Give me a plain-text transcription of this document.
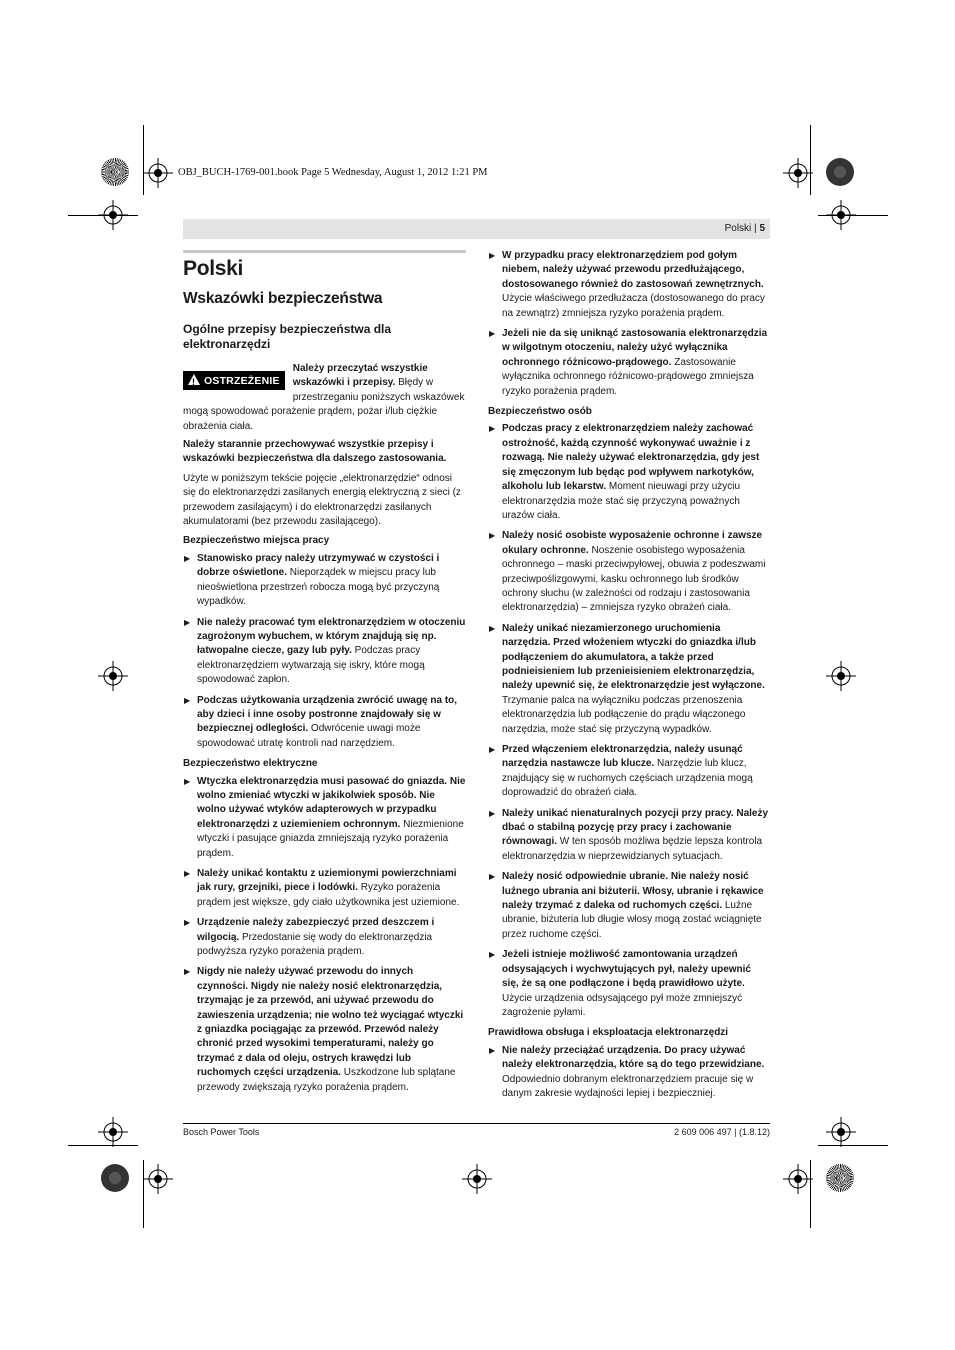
OBJ_BUCH-1769-001.book Page 5 Wednesday, August 1, 2012 1:21 PM
Polski | 5
Polski
Wskazówki bezpieczeństwa
Ogólne przepisy bezpieczeństwa dla elektronarzędzi
!OSTRZEŻENIE
Należy przeczytać wszystkie wskazówki i przepisy. Błędy w przestrzeganiu poniższych wskazówek mogą spowodować porażenie prądem, pożar i/lub ciężkie obrażenia ciała.

Należy starannie przechowywać wszystkie przepisy i wskazówki bezpieczeństwa dla dalszego zastosowania.

Użyte w poniższym tekście pojęcie „elektronarzędzie“ odnosi się do elektronarzędzi zasilanych energią elektryczną z sieci (z przewodem zasilającym) i do elektronarzędzi zasilanych akumulatorami (bez przewodu zasilającego).

Bezpieczeństwo miejsca pracy
▶ Stanowisko pracy należy utrzymywać w czystości i dobrze oświetlone. Nieporządek w miejscu pracy lub nieoświetlona przestrzeń robocza mogą być przyczyną wypadków.
▶ Nie należy pracować tym elektronarzędziem w otoczeniu zagrożonym wybuchem, w którym znajdują się np. łatwopalne ciecze, gazy lub pyły. Podczas pracy elektronarzędziem wytwarzają się iskry, które mogą spowodować zapłon.
▶ Podczas użytkowania urządzenia zwrócić uwagę na to, aby dzieci i inne osoby postronne znajdowały się w bezpiecznej odległości. Odwrócenie uwagi może spowodować utratę kontroli nad narzędziem.
Bezpieczeństwo elektryczne
▶ Wtyczka elektronarzędzia musi pasować do gniazda. Nie wolno zmieniać wtyczki w jakikolwiek sposób. Nie wolno używać wtyków adapterowych w przypadku elektronarzędzi z uziemieniem ochronnym. Niezmienione wtyczki i pasujące gniazda zmniejszają ryzyko porażenia prądem.
▶ Należy unikać kontaktu z uziemionymi powierzchniami jak rury, grzejniki, piece i lodówki. Ryzyko porażenia prądem jest większe, gdy ciało użytkownika jest uziemione.
▶ Urządzenie należy zabezpieczyć przed deszczem i wilgocią. Przedostanie się wody do elektronarzędzia podwyższa ryzyko porażenia prądem.
▶ Nigdy nie należy używać przewodu do innych czynności. Nigdy nie należy nosić elektronarzędzia, trzymając je za przewód, ani używać przewodu do zawieszenia urządzenia; nie wolno też wyciągać wtyczki z gniazdka pociągając za przewód. Przewód należy chronić przed wysokimi temperaturami, należy go trzymać z dala od oleju, ostrych krawędzi lub ruchomych części urządzenia. Uszkodzone lub splątane przewody zwiększają ryzyko porażenia prądem.
▶ W przypadku pracy elektronarzędziem pod gołym niebem, należy używać przewodu przedłużającego, dostosowanego również do zastosowań zewnętrznych. Użycie właściwego przedłużacza (dostosowanego do pracy na zewnątrz) zmniejsza ryzyko porażenia prądem.
▶ Jeżeli nie da się uniknąć zastosowania elektronarzędzia w wilgotnym otoczeniu, należy użyć wyłącznika ochronnego różnicowo-prądowego. Zastosowanie wyłącznika ochronnego różnicowo-prądowego zmniejsza ryzyko porażenia prądem.
Bezpieczeństwo osób
▶ Podczas pracy z elektronarzędziem należy zachować ostrożność, każdą czynność wykonywać uważnie i z rozwagą. Nie należy używać elektronarzędzia, gdy jest się zmęczonym lub będąc pod wpływem narkotyków, alkoholu lub lekarstw. Moment nieuwagi przy użyciu elektronarzędzia może stać się przyczyną poważnych urazów ciała.
▶ Należy nosić osobiste wyposażenie ochronne i zawsze okulary ochronne. Noszenie osobistego wyposażenia ochronnego – maski przeciwpyłowej, obuwia z podeszwami przeciwpoślizgowymi, kasku ochronnego lub środków ochrony słuchu (w zależności od rodzaju i zastosowania elektronarzędzia) – zmniejsza ryzyko obrażeń ciała.
▶ Należy unikać niezamierzonego uruchomienia narzędzia. Przed włożeniem wtyczki do gniazdka i/lub podłączeniem do akumulatora, a także przed podnieisieniem lub przenieisieniem elektronarzędzia, należy upewnić się, że elektronarzędzie jest wyłączone. Trzymanie palca na wyłączniku podczas przenoszenia elektronarzędzia lub podłączenie do prądu włączonego narzędzia, może stać się przyczyną wypadków.
▶ Przed włączeniem elektronarzędzia, należy usunąć narzędzia nastawcze lub klucze. Narzędzie lub klucz, znajdujący się w ruchomych częściach urządzenia mogą doprowadzić do obrażeń ciała.
▶ Należy unikać nienaturalnych pozycji przy pracy. Należy dbać o stabilną pozycję przy pracy i zachowanie równowagi. W ten sposób możliwa będzie lepsza kontrola elektronarzędzia w nieprzewidzianych sytuacjach.
▶ Należy nosić odpowiednie ubranie. Nie należy nosić luźnego ubrania ani biżuterii. Włosy, ubranie i rękawice należy trzymać z daleka od ruchomych części. Luźne ubranie, biżuteria lub długie włosy mogą zostać wciągnięte przez ruchome części.
▶ Jeżeli istnieje możliwość zamontowania urządzeń odsysających i wychwytujących pył, należy upewnić się, że są one podłączone i będą prawidłowo użyte. Użycie urządzenia odsysającego pył może zmniejszyć zagrożenie pyłami.
Prawidłowa obsługa i eksploatacja elektronarzędzi
▶ Nie należy przeciążać urządzenia. Do pracy używać należy elektronarzędzia, które są do tego przewidziane. Odpowiednio dobranym elektronarzędziem pracuje się w danym zakresie wydajności lepiej i bezpieczniej.
Bosch Power Tools	2 609 006 497 | (1.8.12)
